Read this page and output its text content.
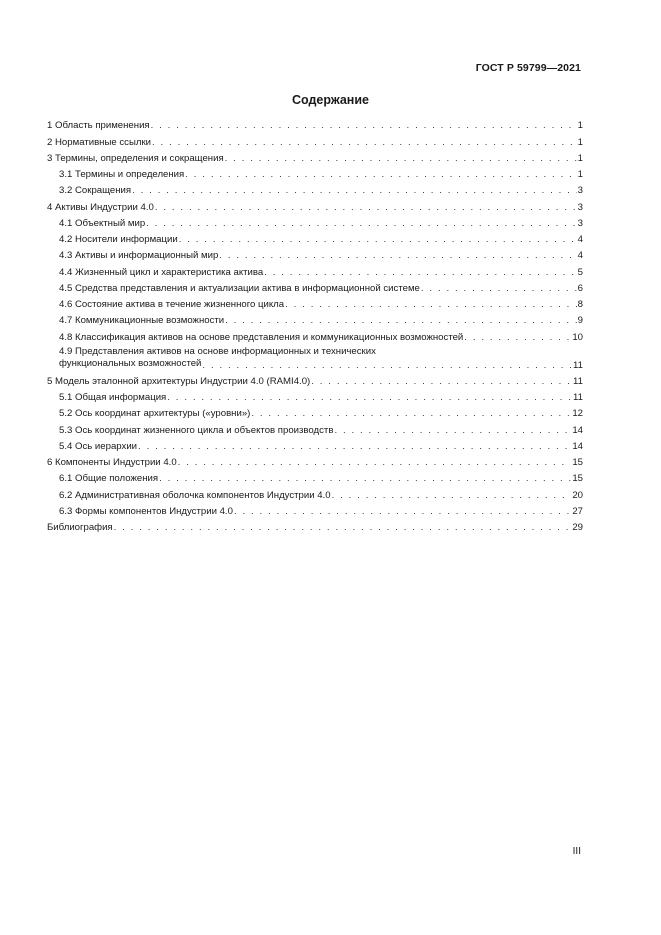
ГОСТ Р 59799—2021
Содержание
1 Область применения . . .	1
2 Нормативные ссылки . . .	1
3 Термины, определения и сокращения . . .	1
3.1 Термины и определения . . .	1
3.2 Сокращения . . .	3
4 Активы Индустрии 4.0 . . .	3
4.1 Объектный мир . . .	3
4.2 Носители информации . . .	4
4.3 Активы и информационный мир . . .	4
4.4 Жизненный цикл и характеристика актива . . .	5
4.5 Средства представления и актуализации актива в информационной системе . . .	6
4.6 Состояние актива в течение жизненного цикла . . .	8
4.7 Коммуникационные возможности . . .	9
4.8 Классификация активов на основе представления и коммуникационных возможностей . . .	10
4.9 Представления активов на основе информационных и технических
функциональных возможностей . . .	11
5 Модель эталонной архитектуры Индустрии 4.0 (RAMI4.0) . . .	11
5.1 Общая информация . . .	11
5.2 Ось координат архитектуры («уровни») . . .	12
5.3 Ось координат жизненного цикла и объектов производств . . .	14
5.4 Ось иерархии . . .	14
6 Компоненты Индустрии 4.0 . . .	15
6.1 Общие положения . . .	15
6.2 Административная оболочка компонентов Индустрии 4.0 . . .	20
6.3 Формы компонентов Индустрии 4.0 . . .	27
Библиография . . .	29
III
